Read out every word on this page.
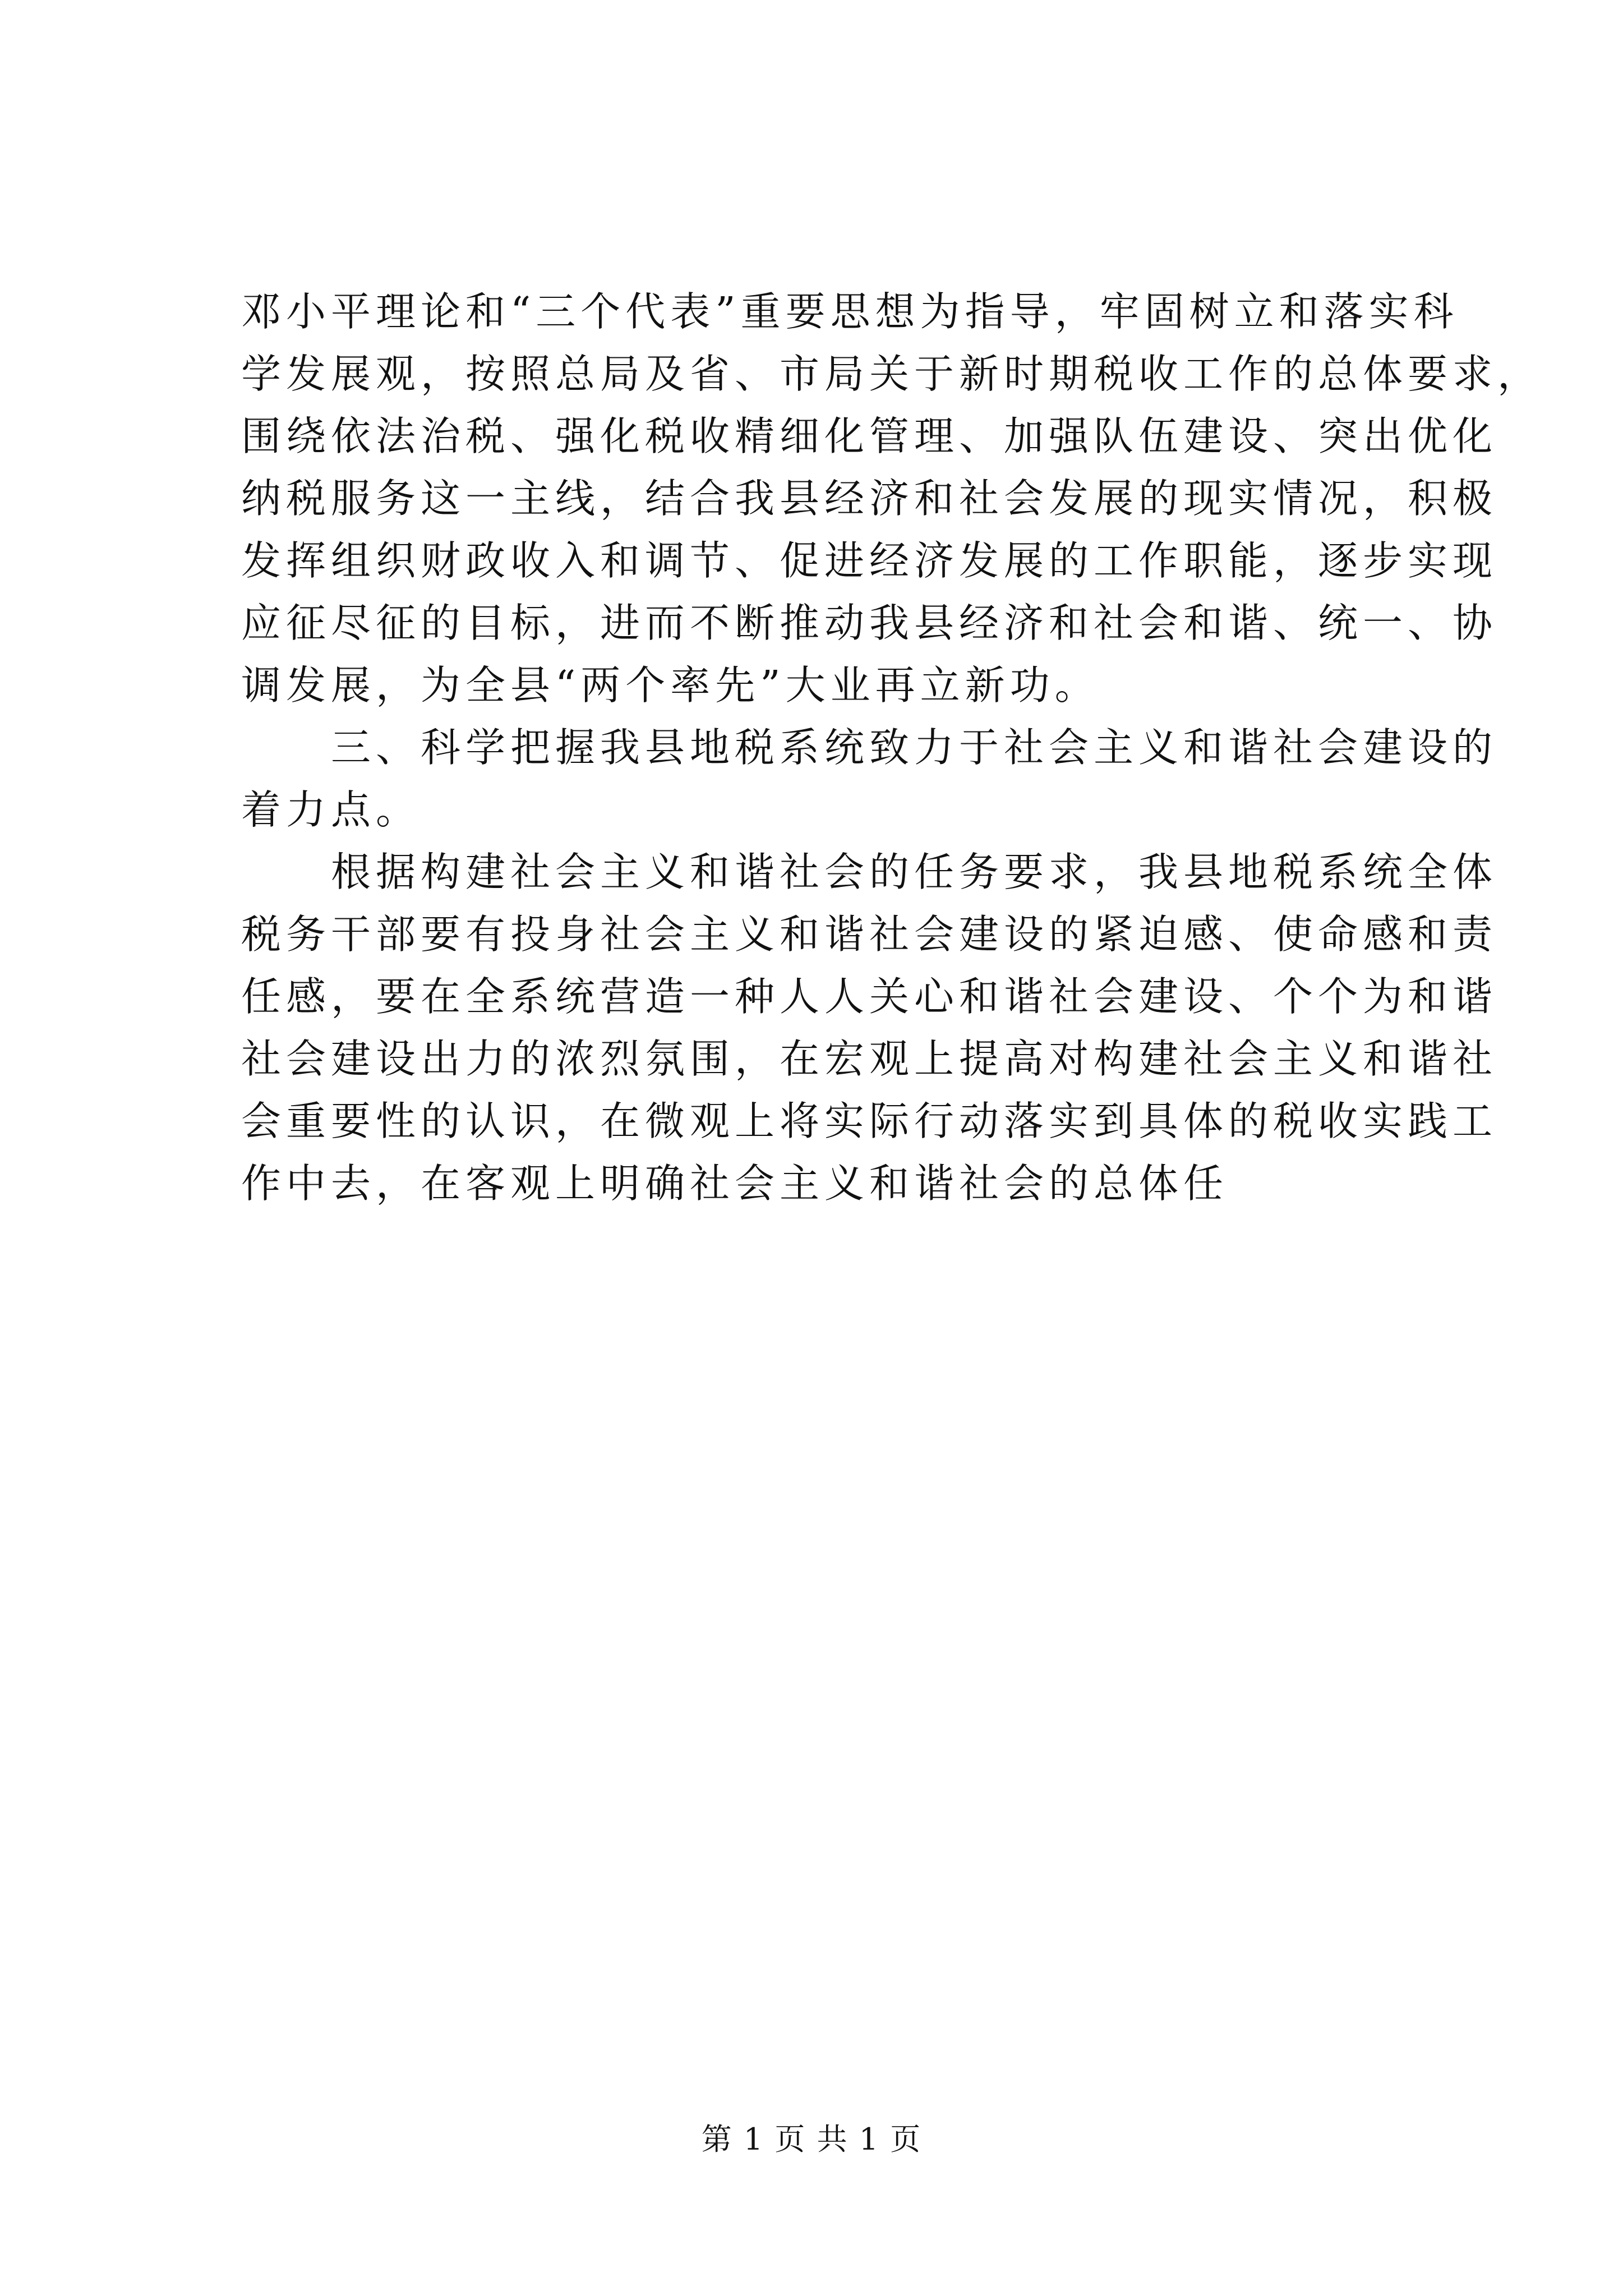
邓小平理论和“三个代表”重要思想为指导，牢固树立和落实科
学发展观，按照总局及省、市局关于新时期税收工作的总体要求，
围绕依法治税、强化税收精细化管理、加强队伍建设、突出优化
纳税服务这一主线，结合我县经济和社会发展的现实情况，积极
发挥组织财政收入和调节、促进经济发展的工作职能，逐步实现
应征尽征的目标，进而不断推动我县经济和社会和谐、统一、协
调发展，为全县“两个率先”大业再立新功。
　　三、科学把握我县地税系统致力于社会主义和谐社会建设的
着力点。
　　根据构建社会主义和谐社会的任务要求，我县地税系统全体
税务干部要有投身社会主义和谐社会建设的紧迫感、使命感和责
任感，要在全系统营造一种人人关心和谐社会建设、个个为和谐
社会建设出力的浓烈氛围，在宏观上提高对构建社会主义和谐社
会重要性的认识，在微观上将实际行动落实到具体的税收实践工
作中去，在客观上明确社会主义和谐社会的总体任
第 1 页 共 1 页
